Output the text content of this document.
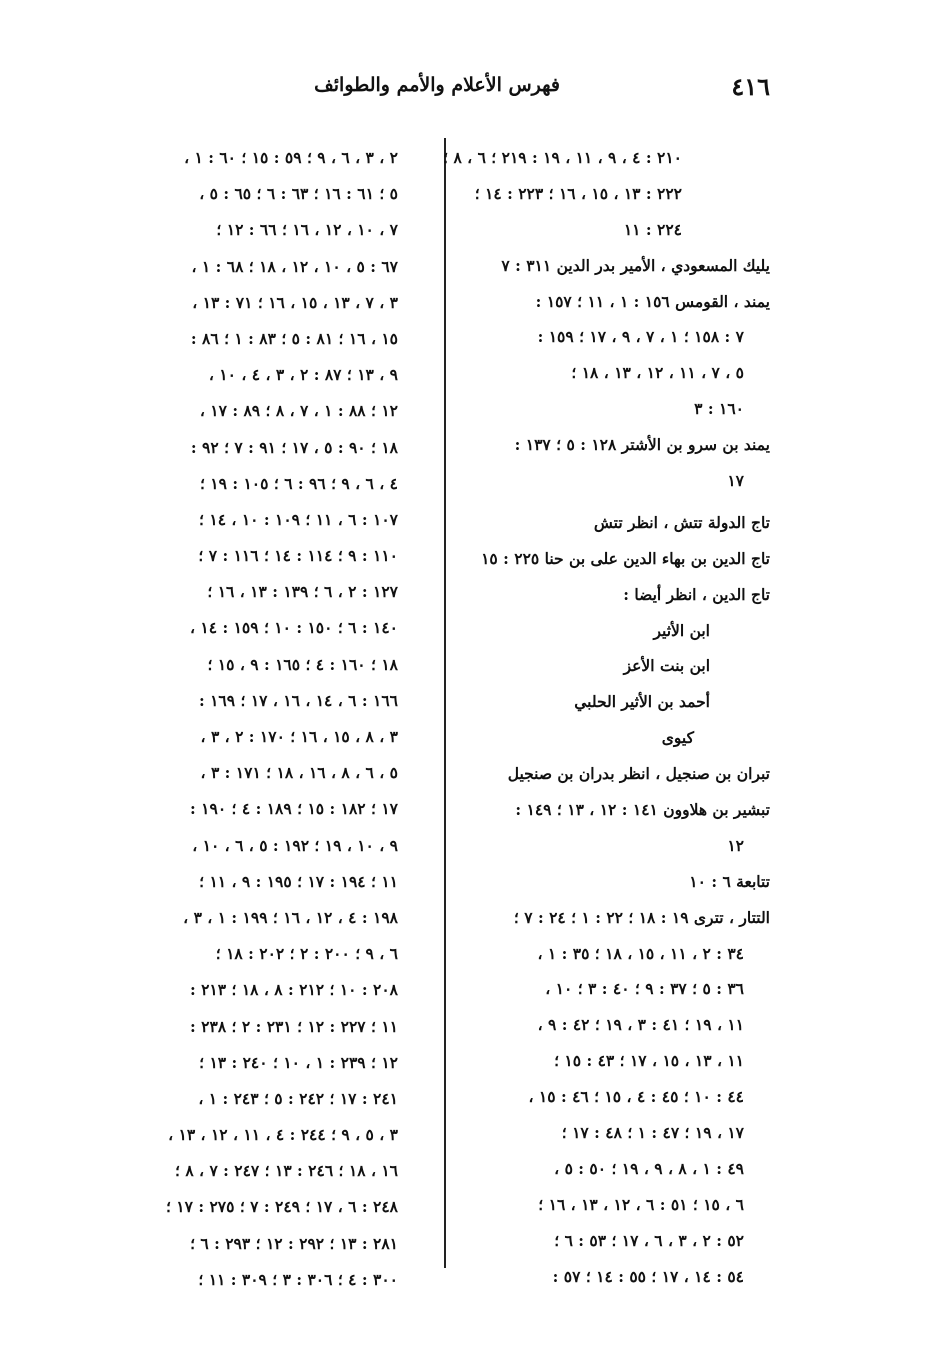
٤١٦
فهرس الأعلام والأمم والطوائف
٢١٠ : ٤ ، ٩ ، ١١ ، ١٩ : ٢١٩ ؛ ٦ ، ٨ ؛
٢٢٢ : ١٣ ، ١٥ ، ١٦ ؛ ٢٢٣ : ١٤ ؛
٢٢٤ : ١١
يليك المسعودي ، الأمير بدر الدين ٣١١ : ٧
يمند ، القومس ١٥٦ : ١ ، ١١ ؛ ١٥٧ :
٧ : ١٥٨ ؛ ١ ، ٧ ، ٩ ، ١٧ ؛ ١٥٩ :
٥ ، ٧ ، ١١ ، ١٢ ، ١٣ ، ١٨ ؛
١٦٠ : ٣
يمند بن سرو بن الأشتر ١٢٨ : ٥ ؛ ١٣٧ :
١٧
تاج الدولة تتش ، انظر تتش
تاج الدين بن بهاء الدين على بن حنا ٢٢٥ : ١٥
تاج الدين ، انظر أيضا :
ابن الأثير
ابن بنت الأعز
أحمد بن الأثير الحلبي
كيوى
تبران بن صنجيل ، انظر بدران بن صنجيل
تبشير بن هلاوون ١٤١ : ١٢ ، ١٣ ؛ ١٤٩ :
١٢
تتابعة ٦ : ١٠
التتار ، تترى ١٩ : ١٨ ؛ ٢٢ : ١ ؛ ٢٤ : ٧ ؛
٣٤ : ٢ ، ١١ ، ١٥ ، ١٨ ؛ ٣٥ : ١ ،
٣٦ : ٥ ؛ ٣٧ : ٩ ؛ ٤٠ : ٣ ؛ ١٠ ،
١١ ، ١٩ ؛ ٤١ : ٣ ، ١٩ ؛ ٤٢ : ٩ ،
١١ ، ١٣ ، ١٥ ، ١٧ ؛ ٤٣ : ١٥ ؛
٤٤ : ١٠ ؛ ٤٥ : ٤ ، ١٥ ؛ ٤٦ : ١٥ ،
١٧ ، ١٩ ؛ ٤٧ : ١ ؛ ٤٨ : ١٧ ؛
٤٩ : ١ ، ٨ ، ٩ ، ١٩ ؛ ٥٠ : ٥ ،
٦ ، ١٥ ؛ ٥١ : ٦ ، ١٢ ، ١٣ ، ١٦ ؛
٥٢ : ٢ ، ٣ ، ٦ ، ١٧ ؛ ٥٣ : ٦ ؛
٥٤ : ١٤ ، ١٧ ؛ ٥٥ : ١٤ ؛ ٥٧ :
٢ ، ٣ ، ٦ ، ٩ ؛ ٥٩ : ١٥ ؛ ٦٠ : ١ ،
٥ ؛ ٦١ : ١٦ ؛ ٦٣ : ٦ ؛ ٦٥ : ٥ ،
٧ ، ١٠ ، ١٢ ، ١٦ ؛ ٦٦ : ١٢ ؛
٦٧ : ٥ ، ١٠ ، ١٢ ، ١٨ ؛ ٦٨ : ١ ،
٣ ، ٧ ، ١٣ ، ١٥ ، ١٦ ؛ ٧١ : ١٣ ،
١٥ ، ١٦ ؛ ٨١ : ٥ ؛ ٨٣ : ١ ؛ ٨٦ :
٩ ، ١٣ ؛ ٨٧ : ٢ ، ٣ ، ٤ ، ١٠ ،
١٢ ؛ ٨٨ : ١ ، ٧ ، ٨ ؛ ٨٩ : ١٧ ،
١٨ ؛ ٩٠ : ٥ ، ١٧ ؛ ٩١ : ٧ ؛ ٩٢ :
٤ ، ٦ ، ٩ ؛ ٩٦ : ٦ ؛ ١٠٥ : ١٩ ؛
١٠٧ : ٦ ، ١١ ؛ ١٠٩ : ١٠ ، ١٤ ؛
١١٠ : ٩ ؛ ١١٤ : ١٤ ؛ ١١٦ : ٧ ؛
١٢٧ : ٢ ، ٦ ؛ ١٣٩ : ١٣ ، ١٦ ؛
١٤٠ : ٦ ؛ ١٥٠ : ١٠ ؛ ١٥٩ : ١٤ ،
١٨ ؛ ١٦٠ : ٤ ؛ ١٦٥ : ٩ ، ١٥ ؛
١٦٦ : ٦ ، ١٤ ، ١٦ ، ١٧ ؛ ١٦٩ :
٣ ، ٨ ، ١٥ ، ١٦ ؛ ١٧٠ : ٢ ، ٣ ،
٥ ، ٦ ، ٨ ، ١٦ ، ١٨ ؛ ١٧١ : ٣ ،
١٧ ؛ ١٨٢ : ١٥ ؛ ١٨٩ : ٤ ؛ ١٩٠ :
٩ ، ١٠ ، ١٩ ؛ ١٩٢ : ٥ ، ٦ ، ١٠ ،
١١ ؛ ١٩٤ : ١٧ ؛ ١٩٥ : ٩ ، ١١ ؛
١٩٨ : ٤ ، ١٢ ، ١٦ ؛ ١٩٩ : ١ ، ٣ ،
٦ ، ٩ ؛ ٢٠٠ : ٢ ؛ ٢٠٢ : ١٨ ؛
٢٠٨ : ١٠ ؛ ٢١٢ : ٨ ، ١٨ ؛ ٢١٣ :
١١ ؛ ٢٢٧ : ١٢ ؛ ٢٣١ : ٢ ؛ ٢٣٨ :
١٢ ؛ ٢٣٩ : ١ ، ١٠ ؛ ٢٤٠ : ١٣ ؛
٢٤١ : ١٧ ؛ ٢٤٢ : ٥ ؛ ٢٤٣ : ١ ،
٣ ، ٥ ، ٩ ؛ ٢٤٤ : ٤ ، ١١ ، ١٢ ، ١٣ ،
١٦ ، ١٨ ؛ ٢٤٦ : ١٣ ؛ ٢٤٧ : ٧ ، ٨ ؛
٢٤٨ : ٦ ، ١٧ ؛ ٢٤٩ : ٧ ؛ ٢٧٥ : ١٧ ؛
٢٨١ : ١٣ ؛ ٢٩٢ : ١٢ ؛ ٢٩٣ : ٦ ؛
٣٠٠ : ٤ ؛ ٣٠٦ : ٣ ؛ ٣٠٩ : ١١ ؛
